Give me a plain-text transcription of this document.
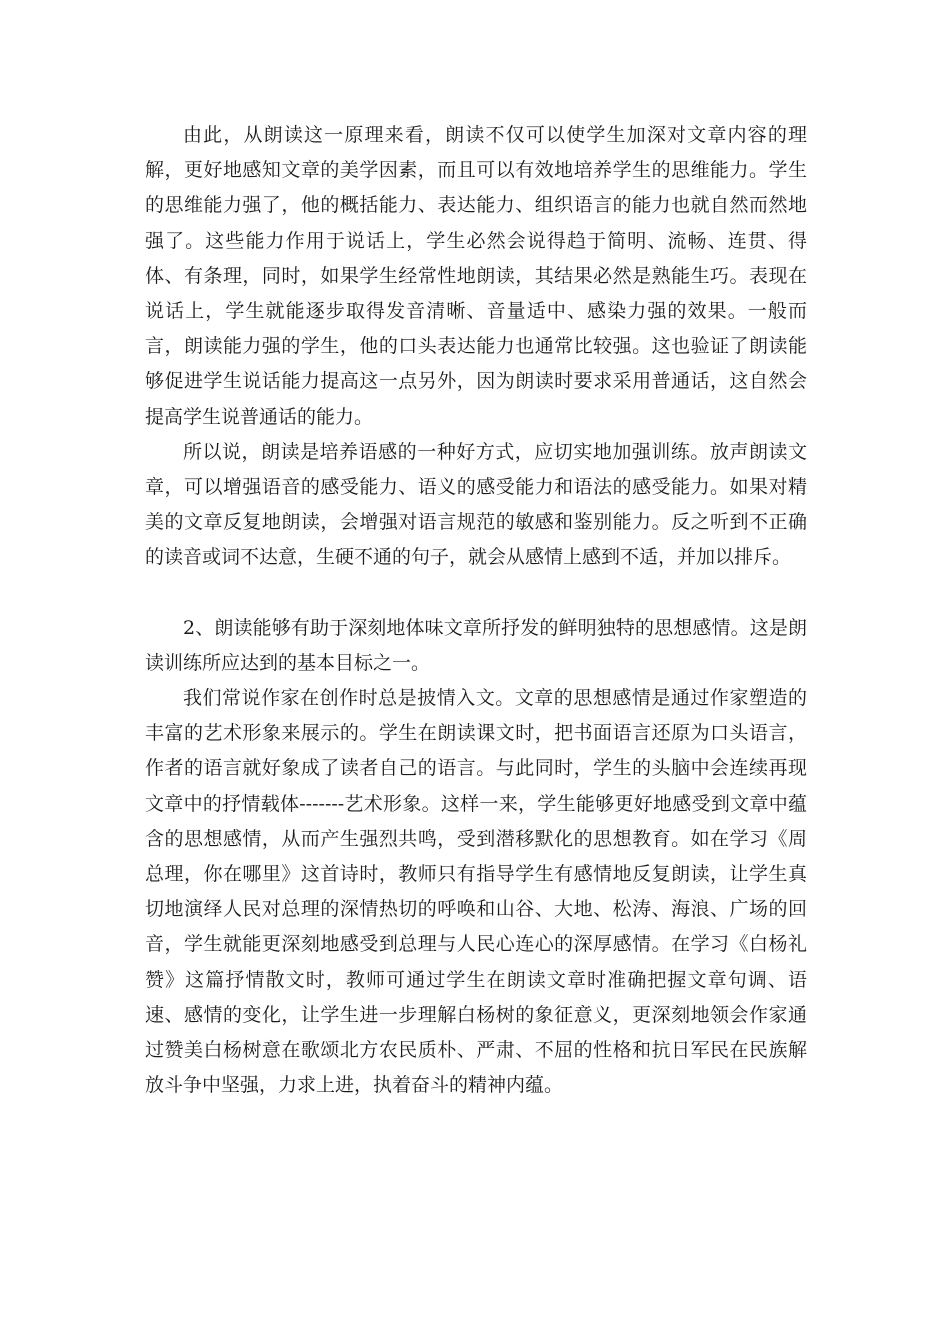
由此，从朗读这一原理来看，朗读不仅可以使学生加深对文章内容的理解，更好地感知文章的美学因素，而且可以有效地培养学生的思维能力。学生的思维能力强了，他的概括能力、表达能力、组织语言的能力也就自然而然地强了。这些能力作用于说话上，学生必然会说得趋于简明、流畅、连贯、得体、有条理，同时，如果学生经常性地朗读，其结果必然是熟能生巧。表现在说话上，学生就能逐步取得发音清晰、音量适中、感染力强的效果。一般而言，朗读能力强的学生，他的口头表达能力也通常比较强。这也验证了朗读能够促进学生说话能力提高这一点另外，因为朗读时要求采用普通话，这自然会提高学生说普通话的能力。

所以说，朗读是培养语感的一种好方式，应切实地加强训练。放声朗读文章，可以增强语音的感受能力、语义的感受能力和语法的感受能力。如果对精美的文章反复地朗读，会增强对语言规范的敏感和鉴别能力。反之听到不正确的读音或词不达意，生硬不通的句子，就会从感情上感到不适，并加以排斥。

2、朗读能够有助于深刻地体味文章所抒发的鲜明独特的思想感情。这是朗读训练所应达到的基本目标之一。

我们常说作家在创作时总是披情入文。文章的思想感情是通过作家塑造的丰富的艺术形象来展示的。学生在朗读课文时，把书面语言还原为口头语言，作者的语言就好象成了读者自己的语言。与此同时，学生的头脑中会连续再现文章中的抒情载体-------艺术形象。这样一来，学生能够更好地感受到文章中蕴含的思想感情，从而产生强烈共鸣，受到潜移默化的思想教育。如在学习《周总理，你在哪里》这首诗时，教师只有指导学生有感情地反复朗读，让学生真切地演绎人民对总理的深情热切的呼唤和山谷、大地、松涛、海浪、广场的回音，学生就能更深刻地感受到总理与人民心连心的深厚感情。在学习《白杨礼赞》这篇抒情散文时，教师可通过学生在朗读文章时准确把握文章句调、语速、感情的变化，让学生进一步理解白杨树的象征意义，更深刻地领会作家通过赞美白杨树意在歌颂北方农民质朴、严肃、不屈的性格和抗日军民在民族解放斗争中坚强，力求上进，执着奋斗的精神内蕴。
